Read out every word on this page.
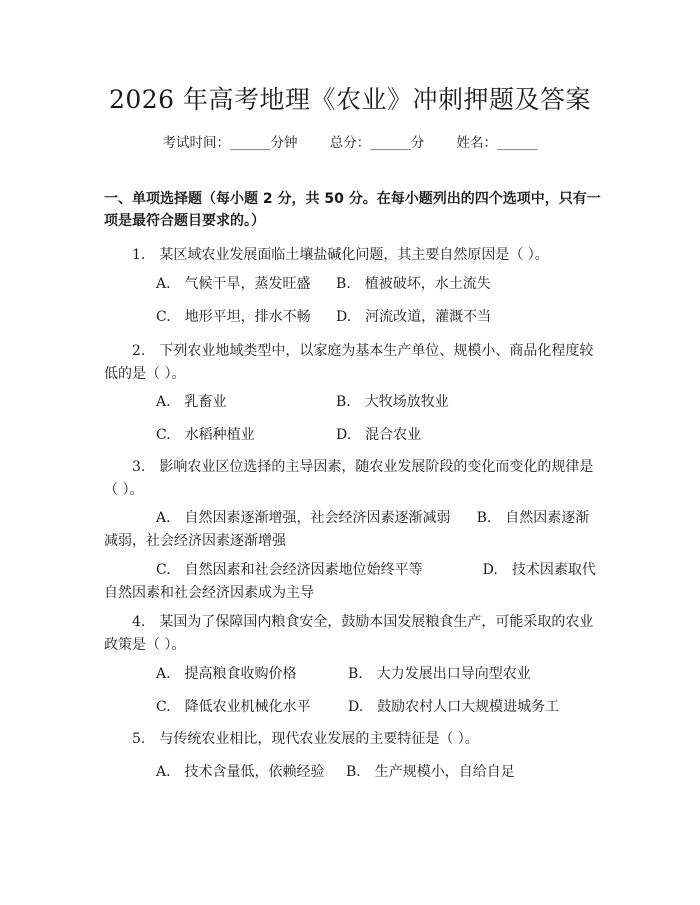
2026 年高考地理《农业》冲刺押题及答案
考试时间：______分钟 总分：______分 姓名：______
一、单项选择题（每小题 2 分，共 50 分。在每小题列出的四个选项中，只有一项是最符合题目要求的。）
1.　某区域农业发展面临土壤盐碱化问题，其主要自然原因是（ ）。
A.　气候干旱，蒸发旺盛 B.　植被破坏，水土流失
C.　地形平坦，排水不畅 D.　河流改道，灌溉不当
2.　下列农业地域类型中，以家庭为基本生产单位、规模小、商品化程度较低的是（ ）。
A.　乳畜业	B.　大牧场放牧业
C.　水稻种植业	D.　混合农业
3.　影响农业区位选择的主导因素，随农业发展阶段的变化而变化的规律是（ ）。
A.　自然因素逐渐增强，社会经济因素逐渐减弱 B.　自然因素逐渐减弱，社会经济因素逐渐增强
C.　自然因素和社会经济因素地位始终平等	D.　技术因素取代自然因素和社会经济因素成为主导
4.　某国为了保障国内粮食安全，鼓励本国发展粮食生产，可能采取的农业政策是（ ）。
A.　提高粮食收购价格	B.　大力发展出口导向型农业
C.　降低农业机械化水平	D.　鼓励农村人口大规模进城务工
5.　与传统农业相比，现代农业发展的主要特征是（ ）。
A.　技术含量低，依赖经验 B.　生产规模小，自给自足
